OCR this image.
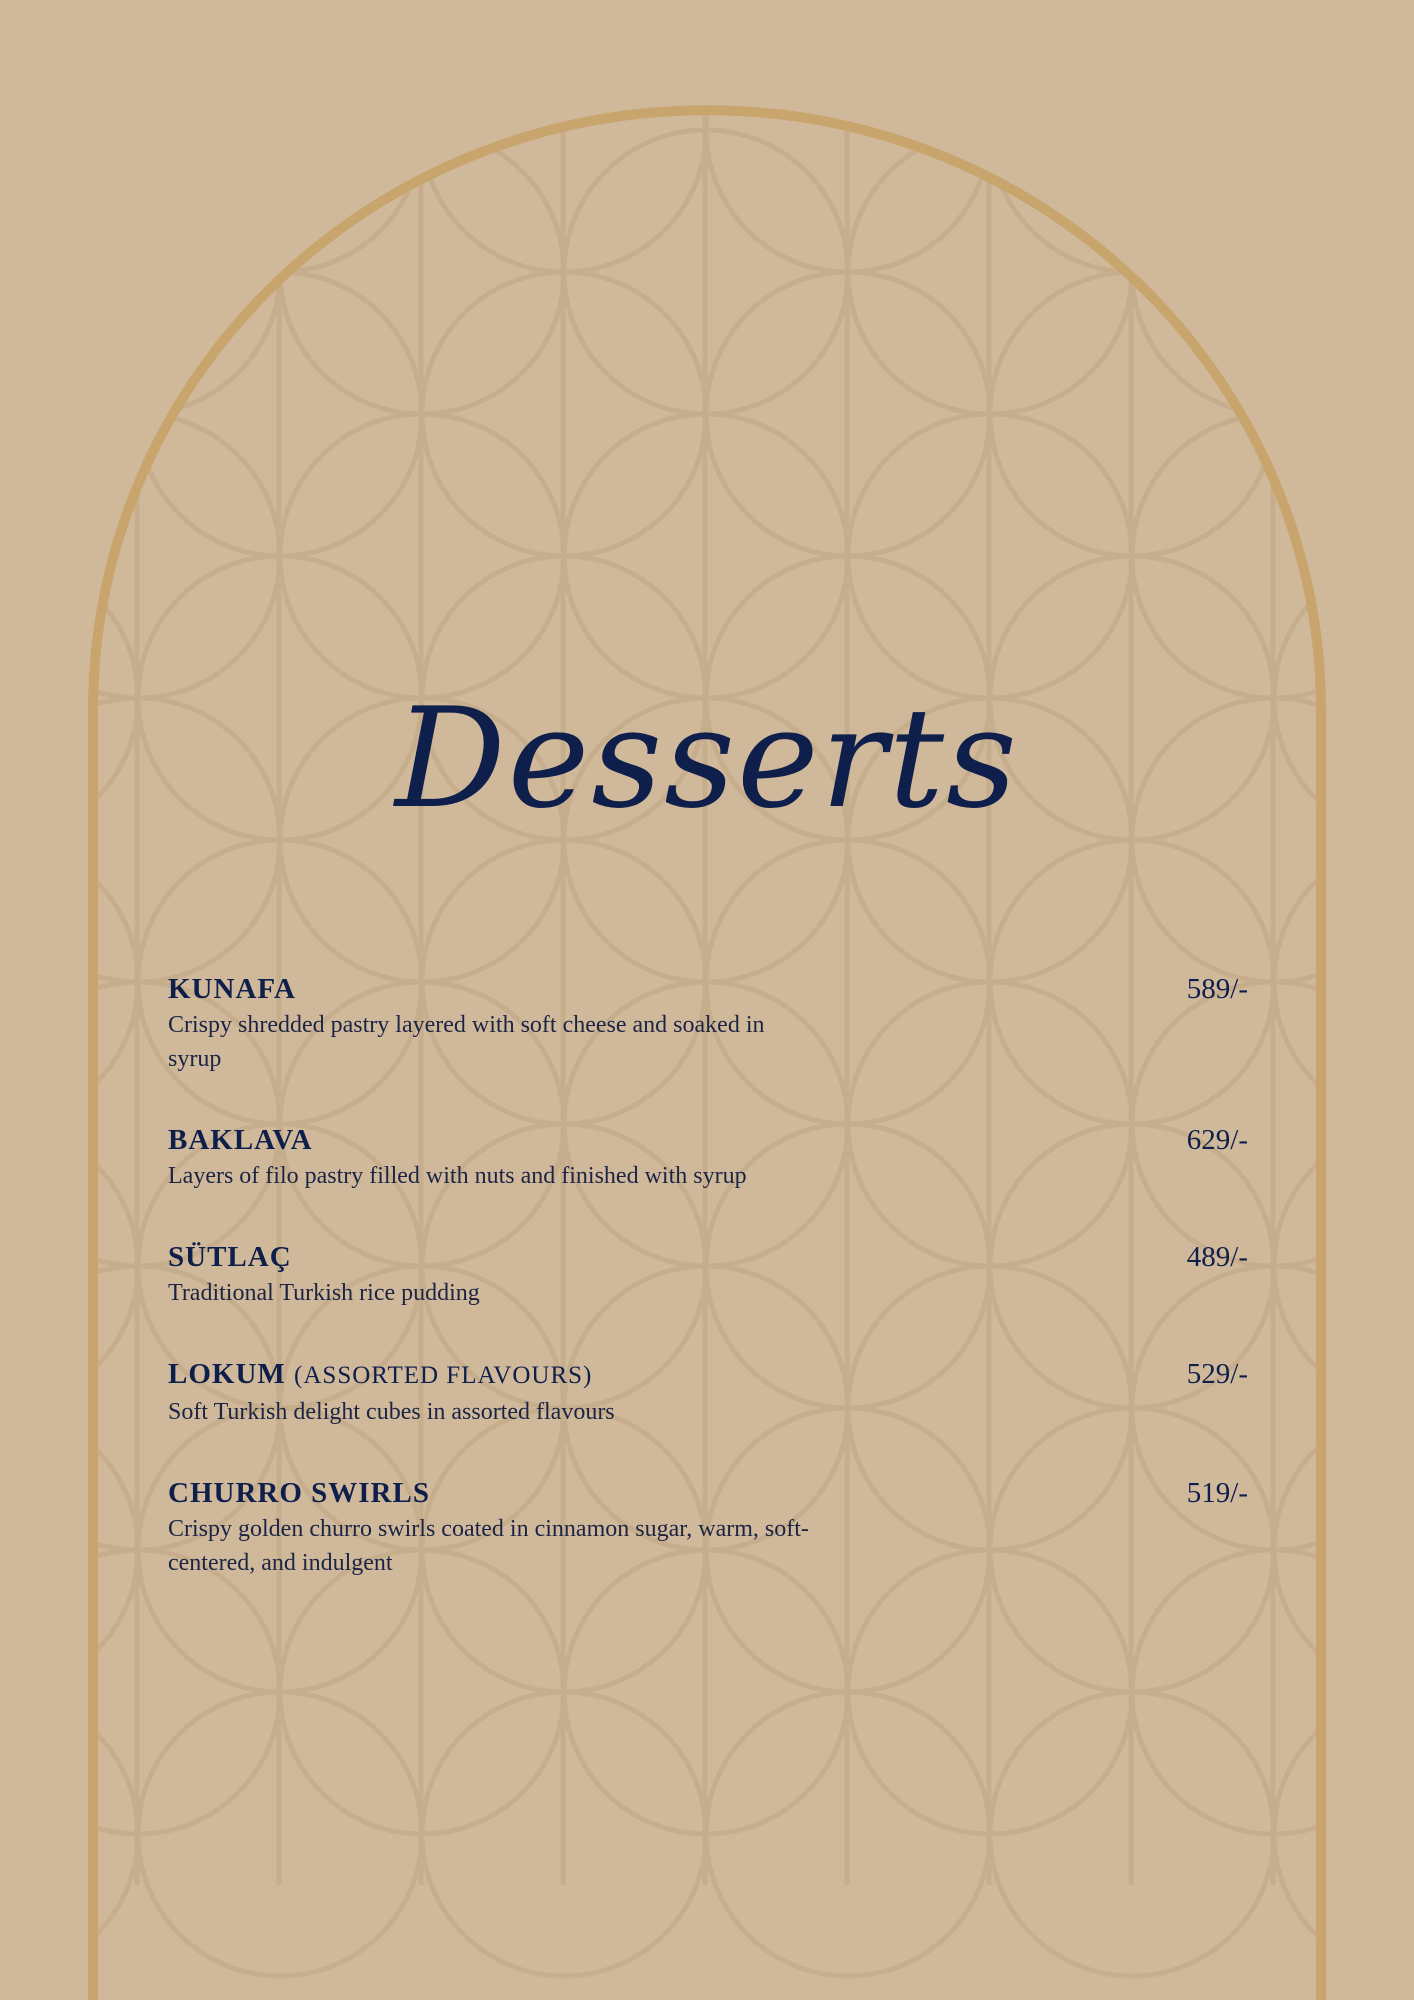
Desserts
KUNAFA
Crispy shredded pastry layered with soft cheese and soaked in syrup
589/-
BAKLAVA
Layers of filo pastry filled with nuts and finished with syrup
629/-
SÜTLAÇ
Traditional Turkish rice pudding
489/-
LOKUM (ASSORTED FLAVOURS)
Soft Turkish delight cubes in assorted flavours
529/-
CHURRO SWIRLS
Crispy golden churro swirls coated in cinnamon sugar, warm, soft-centered, and indulgent
519/-
